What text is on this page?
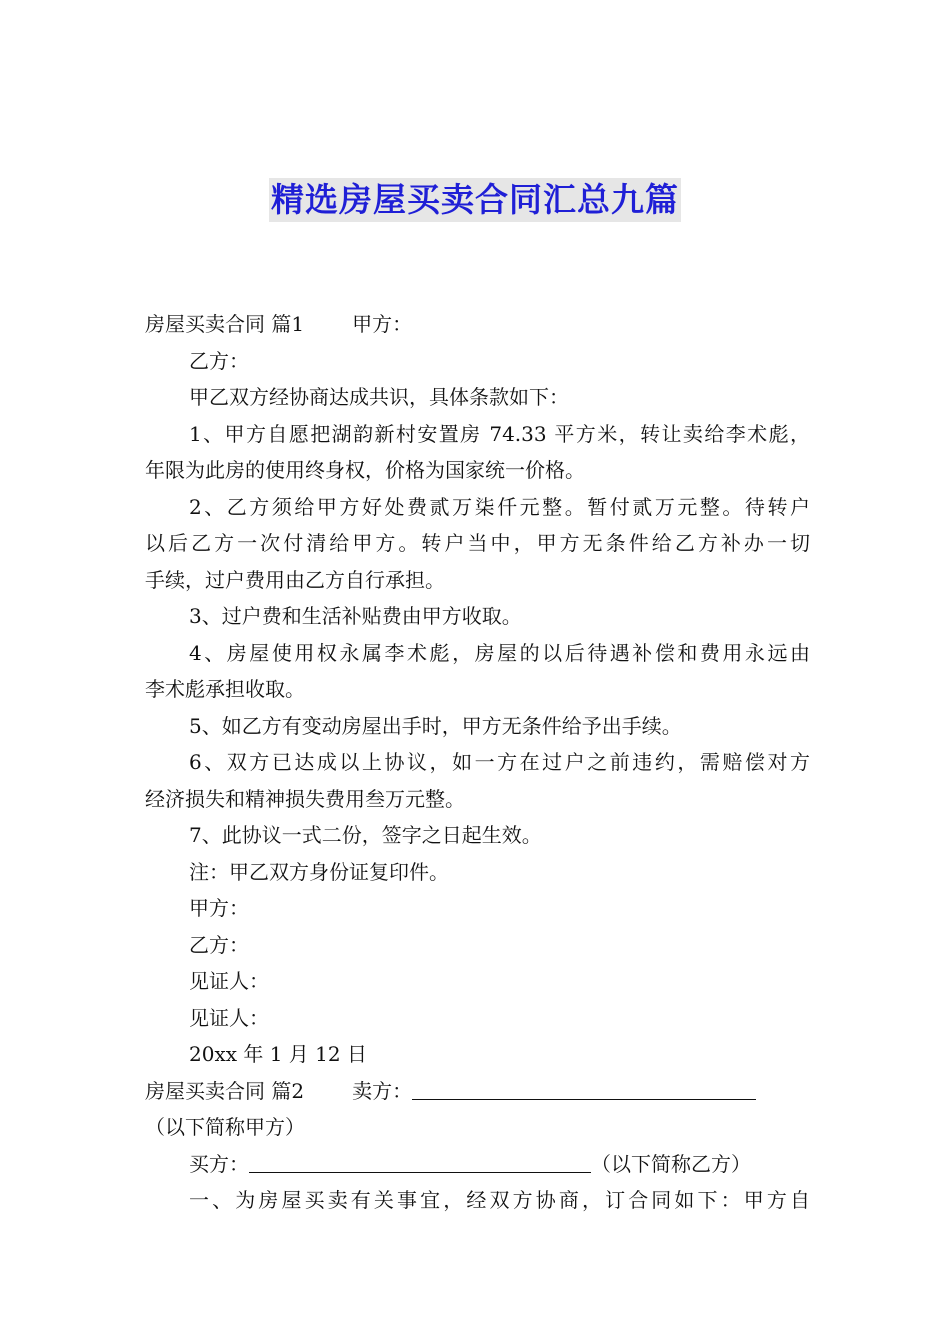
精选房屋买卖合同汇总九篇
房屋买卖合同 篇1 甲方：
乙方：
甲乙双方经协商达成共识，具体条款如下：
1、甲方自愿把湖韵新村安置房 74.33 平方米，转让卖给李术彪，
年限为此房的使用终身权，价格为国家统一价格。
2、乙方须给甲方好处费贰万柒仟元整。暂付贰万元整。待转户
以后乙方一次付清给甲方。转户当中，甲方无条件给乙方补办一切
手续，过户费用由乙方自行承担。
3、过户费和生活补贴费由甲方收取。
4、房屋使用权永属李术彪，房屋的以后待遇补偿和费用永远由
李术彪承担收取。
5、如乙方有变动房屋出手时，甲方无条件给予出手续。
6、双方已达成以上协议，如一方在过户之前违约，需赔偿对方
经济损失和精神损失费用叁万元整。
7、此协议一式二份，签字之日起生效。
注：甲乙双方身份证复印件。
甲方：
乙方：
见证人：
见证人：
20xx 年 1 月 12 日
房屋买卖合同 篇2 卖方：
（以下简称甲方）
买方：	（以下简称乙方）
一、为房屋买卖有关事宜，经双方协商，订合同如下：甲方自
